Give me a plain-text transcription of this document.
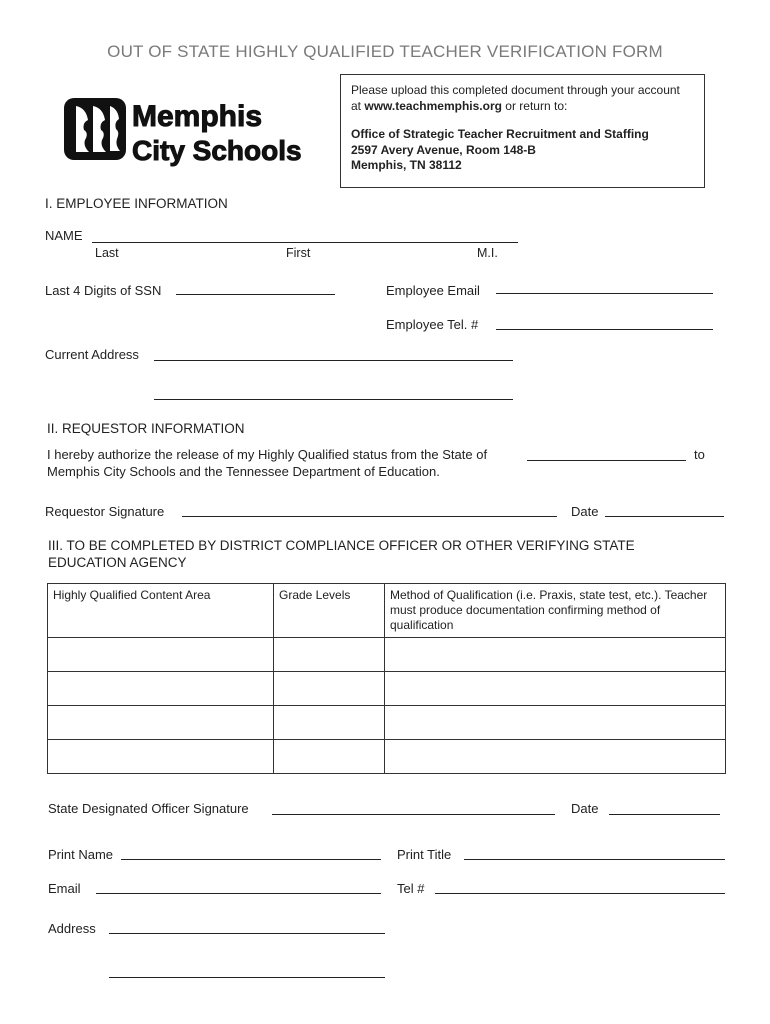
OUT OF STATE HIGHLY QUALIFIED TEACHER VERIFICATION FORM
Memphis
City Schools
Please upload this completed document through your account
at www.teachmemphis.org or return to:
Office of Strategic Teacher Recruitment and Staffing
2597 Avery Avenue, Room 148-B
Memphis, TN 38112
I. EMPLOYEE INFORMATION
NAME
Last	First	M.I.
Last 4 Digits of SSN	Employee Email
Employee Tel. #
Current Address
II. REQUESTOR INFORMATION
I hereby authorize the release of my Highly Qualified status from the State of	to
Memphis City Schools and the Tennessee Department of Education.
Requestor Signature	Date
III. TO BE COMPLETED BY DISTRICT COMPLIANCE OFFICER OR OTHER VERIFYING STATE
EDUCATION AGENCY
Highly Qualified Content Area	Grade Levels	Method of Qualification (i.e. Praxis, state test, etc.). Teacher must produce documentation confirming method of qualification

State Designated Officer Signature	Date
Print Name	Print Title
Email	Tel #
Address
